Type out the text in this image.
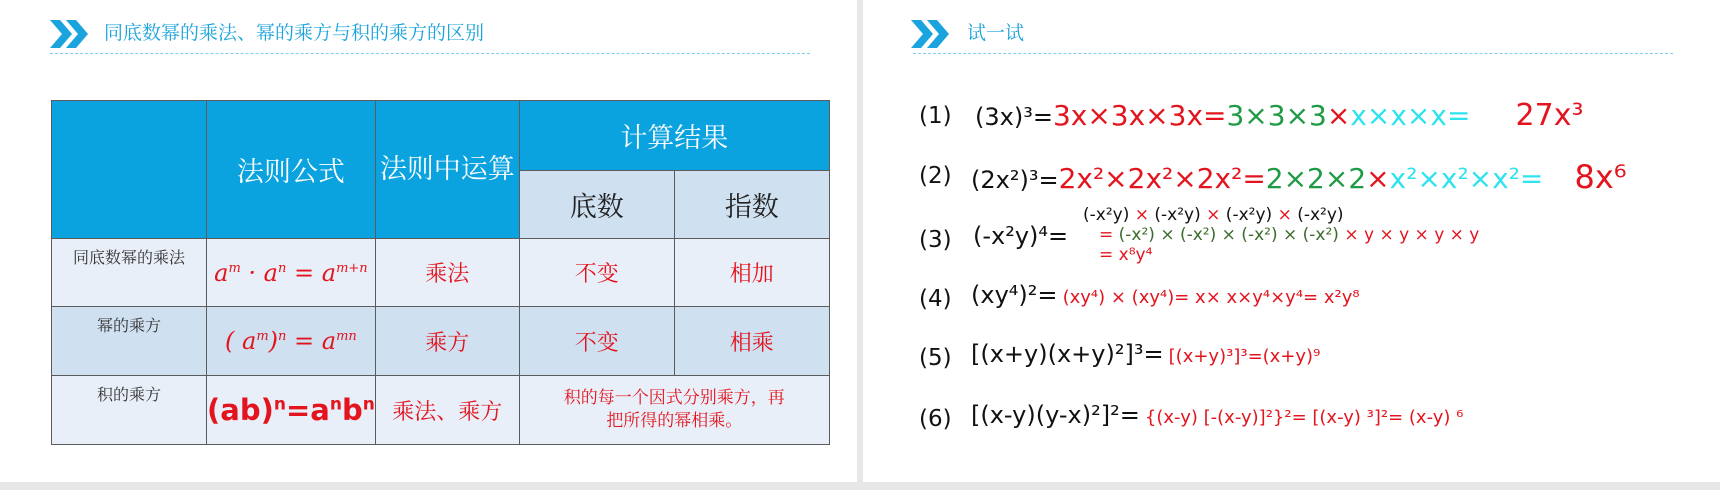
同底数幂的乘法、幂的乘方与积的乘方的区别
	法则公式	法则中运算	计算结果	
			底数	指数
同底数幂的乘法	$a^m \cdot a^n = a^{m+n}$	乘法	不变	相加
幂的乘方	( $a^m)^n = a^{mn}$	乘方	不变	相乘
积的乘方	$(ab)^n=a^nb^n$	乘法、乘方	积的每一个因式分别乘方，再把所得的幂相乘。	
试一试
(1) (3x)³=3x×3x×3x=3×3×3×x×x×x= 27x³
(2) (2x²)³=2x²×2x²×2x²=2×2×2×x²×x²×x²= 8x⁶
(3) (-x²y)⁴=
(-x²y) × (-x²y) × (-x²y) × (-x²y)
= (-x²) × (-x²) × (-x²) × (-x²) × y × y × y × y
= x⁸y⁴
(4) (xy⁴)²= (xy⁴) × (xy⁴)= x× x×y⁴×y⁴= x²y⁸
(5) [(x+y)(x+y)²]³= [(x+y)³]³=(x+y)⁹
(6) [(x-y)(y-x)²]²= {(x-y) [-(x-y)]²}²= [(x-y) ³]²= (x-y) ⁶
